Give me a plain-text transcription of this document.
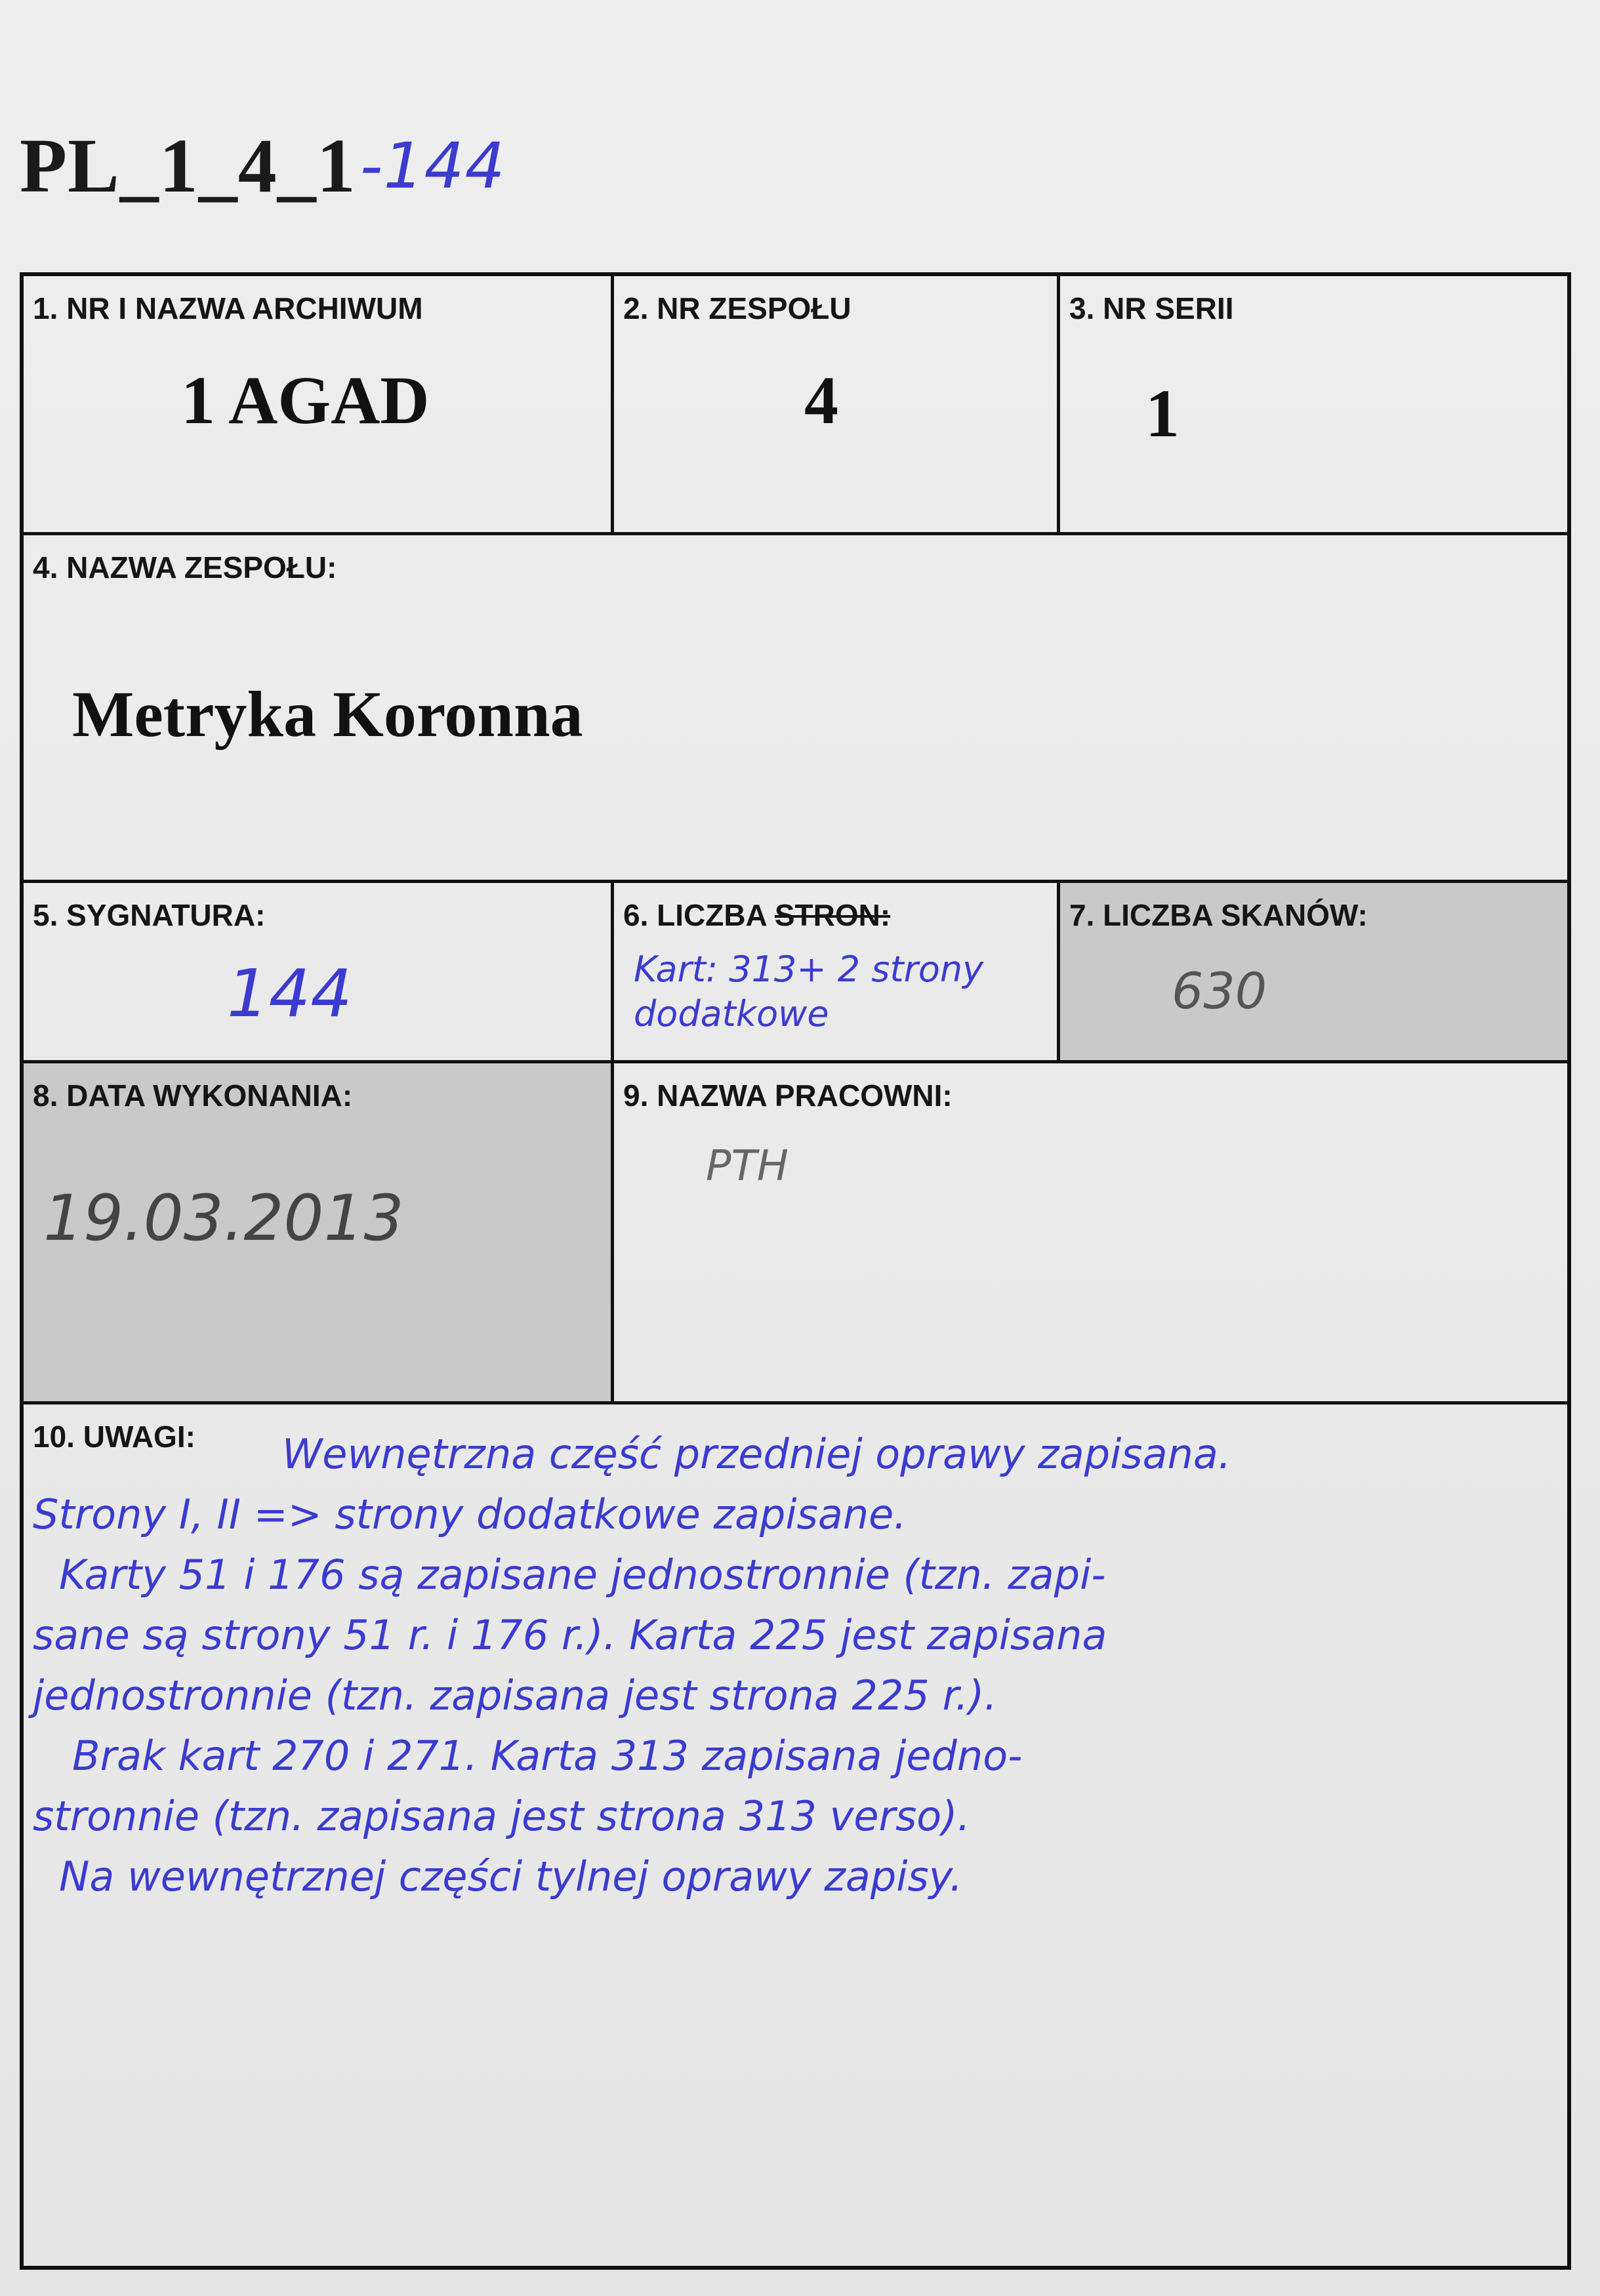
PL_1_4_1-144
1. NR I NAZWA ARCHIWUM
1 AGAD
2. NR ZESPOŁU
4
3. NR SERII
1
4. NAZWA ZESPOŁU:
Metryka Koronna
5. SYGNATURA:
144
6. LICZBA STRON:
Kart: 313+ 2 strony
dodatkowe
7. LICZBA SKANÓW:
630
8. DATA WYKONANIA:
19.03.2013
9. NAZWA PRACOWNI:
PTH
10. UWAGI: Wewnętrzna część przedniej oprawy zapisana.
Strony I, II => strony dodatkowe zapisane.
Karty 51 i 176 są zapisane jednostronnie (tzn. zapi-
sane są strony 51 r. i 176 r.). Karta 225 jest zapisana
jednostronnie (tzn. zapisana jest strona 225 r.).
Brak kart 270 i 271. Karta 313 zapisana jedno-
stronnie (tzn. zapisana jest strona 313 verso).
Na wewnętrznej części tylnej oprawy zapisy.
